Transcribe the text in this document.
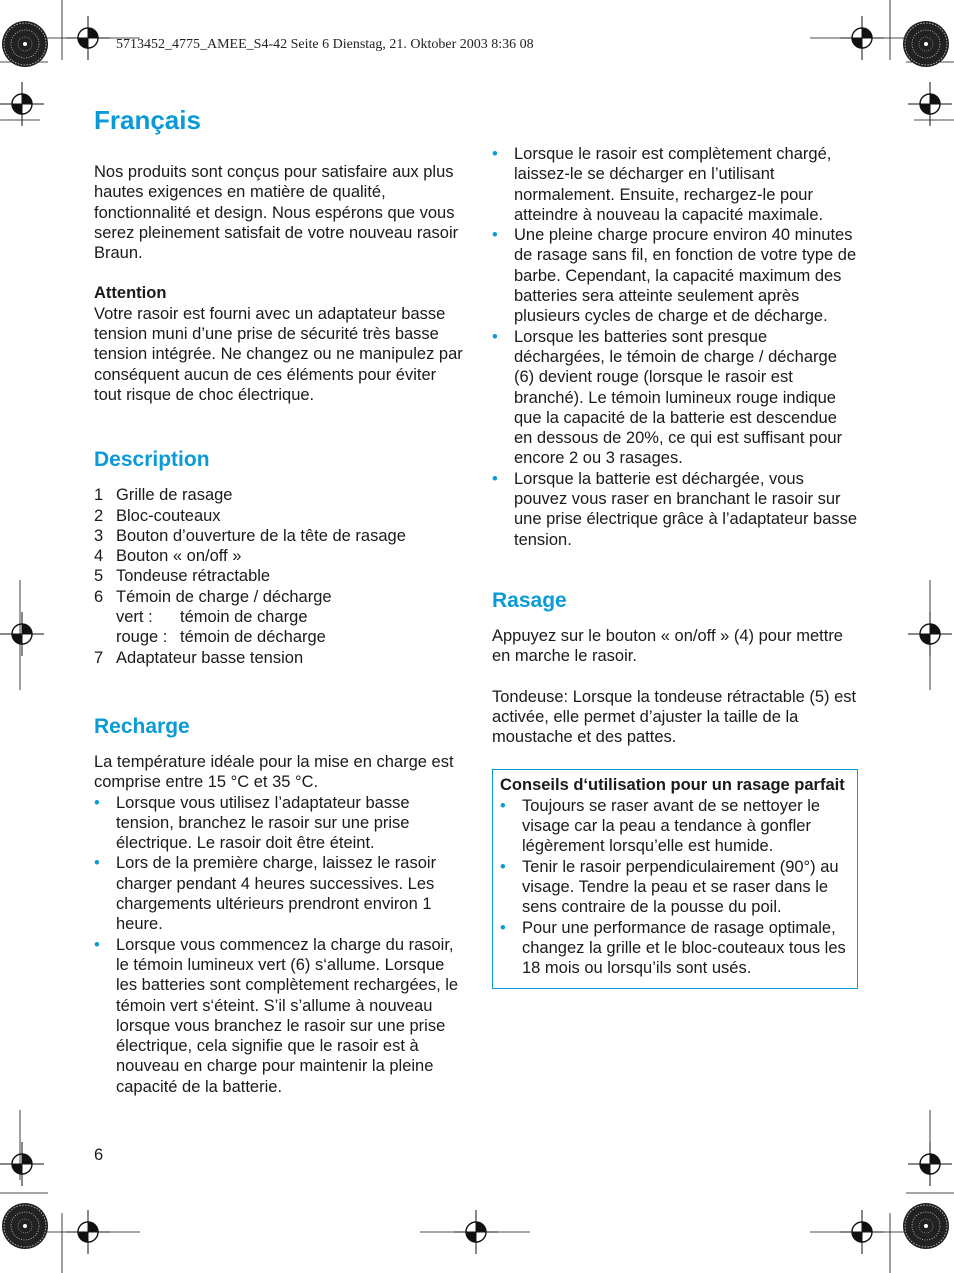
5713452_4775_AMEE_S4-42 Seite 6 Dienstag, 21. Oktober 2003 8:36 08
Français

Nos produits sont conçus pour satisfaire aux plus hautes exigences en matière de qualité, fonctionnalité et design. Nous espérons que vous serez pleinement satisfait de votre nouveau rasoir Braun.

Attention

Votre rasoir est fourni avec un adaptateur basse tension muni d’une prise de sécurité très basse tension intégrée. Ne changez ou ne manipulez par conséquent aucun de ces éléments pour éviter tout risque de choc électrique.

Description
1 Grille de rasage
2 Bloc-couteaux
3 Bouton d’ouverture de la tête de rasage
4 Bouton « on/off »
5 Tondeuse rétractable
6 Témoin de charge / décharge
vert :	témoin de charge
rouge : témoin de décharge
7 Adaptateur basse tension
Recharge

La température idéale pour la mise en charge est comprise entre 15 °C et 35 °C.

• Lorsque vous utilisez l’adaptateur basse tension, branchez le rasoir sur une prise électrique. Le rasoir doit être éteint.
• Lors de la première charge, laissez le rasoir charger pendant 4 heures successives. Les chargements ultérieurs prendront environ 1 heure.
• Lorsque vous commencez la charge du rasoir, le témoin lumineux vert (6) s‘allume. Lorsque les batteries sont complètement rechargées, le témoin vert s‘éteint. S’il s’allume à nouveau lorsque vous branchez le rasoir sur une prise électrique, cela signifie que le rasoir est à nouveau en charge pour maintenir la pleine capacité de la batterie.
• Lorsque le rasoir est complètement chargé, laissez-le se décharger en l’utilisant normalement. Ensuite, rechargez-le pour atteindre à nouveau la capacité maximale.
• Une pleine charge procure environ 40 minutes de rasage sans fil, en fonction de votre type de barbe. Cependant, la capacité maximum des batteries sera atteinte seulement après plusieurs cycles de charge et de décharge.
• Lorsque les batteries sont presque déchargées, le témoin de charge / décharge (6) devient rouge (lorsque le rasoir est branché). Le témoin lumineux rouge indique que la capacité de la batterie est descendue en dessous de 20%, ce qui est suffisant pour encore 2 ou 3 rasages.
• Lorsque la batterie est déchargée, vous pouvez vous raser en branchant le rasoir sur une prise électrique grâce à l’adaptateur basse tension.
Rasage

Appuyez sur le bouton « on/off » (4) pour mettre en marche le rasoir.

Tondeuse: Lorsque la tondeuse rétractable (5) est activée, elle permet d’ajuster la taille de la moustache et des pattes.

Conseils d‘utilisation pour un rasage parfait

• Toujours se raser avant de se nettoyer le visage car la peau a tendance à gonfler légèrement lorsqu’elle est humide.
• Tenir le rasoir perpendiculairement (90°) au visage. Tendre la peau et se raser dans le sens contraire de la pousse du poil.
• Pour une performance de rasage optimale, changez la grille et le bloc-couteaux tous les 18 mois ou lorsqu’ils sont usés.
6
